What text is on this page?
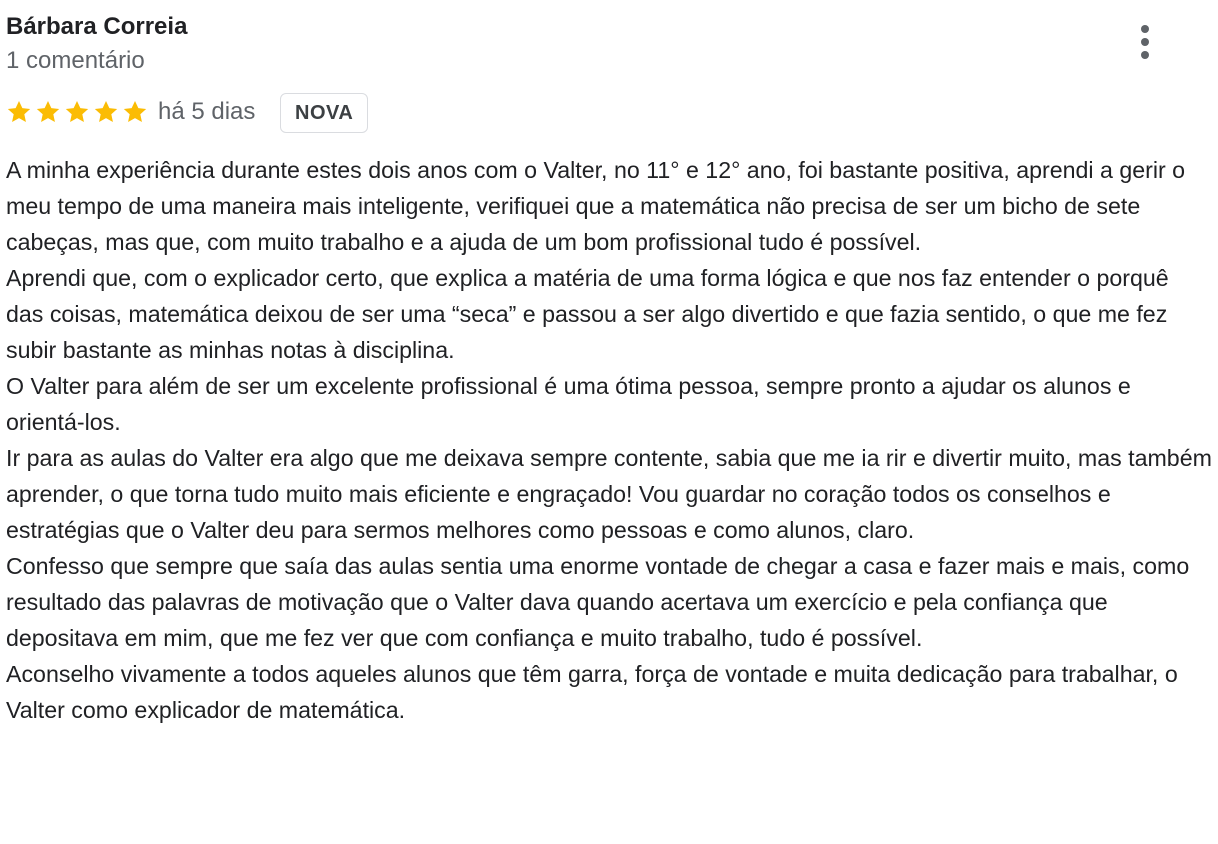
Bárbara Correia
1 comentário
há 5 dias	NOVA

A minha experiência durante estes dois anos com o Valter, no 11° e 12° ano, foi bastante positiva, aprendi a gerir o meu tempo de uma maneira mais inteligente, verifiquei que a matemática não precisa de ser um bicho de sete cabeças, mas que, com muito trabalho e a ajuda de um bom profissional tudo é possível.

Aprendi que, com o explicador certo, que explica a matéria de uma forma lógica e que nos faz entender o porquê das coisas, matemática deixou de ser uma “seca” e passou a ser algo divertido e que fazia sentido, o que me fez subir bastante as minhas notas à disciplina.

O Valter para além de ser um excelente profissional é uma ótima pessoa, sempre pronto a ajudar os alunos e orientá-los.

Ir para as aulas do Valter era algo que me deixava sempre contente, sabia que me ia rir e divertir muito, mas também aprender, o que torna tudo muito mais eficiente e engraçado! Vou guardar no coração todos os conselhos e estratégias que o Valter deu para sermos melhores como pessoas e como alunos, claro.

Confesso que sempre que saía das aulas sentia uma enorme vontade de chegar a casa e fazer mais e mais, como resultado das palavras de motivação que o Valter dava quando acertava um exercício e pela confiança que depositava em mim, que me fez ver que com confiança e muito trabalho, tudo é possível.

Aconselho vivamente a todos aqueles alunos que têm garra, força de vontade e muita dedicação para trabalhar, o Valter como explicador de matemática.
